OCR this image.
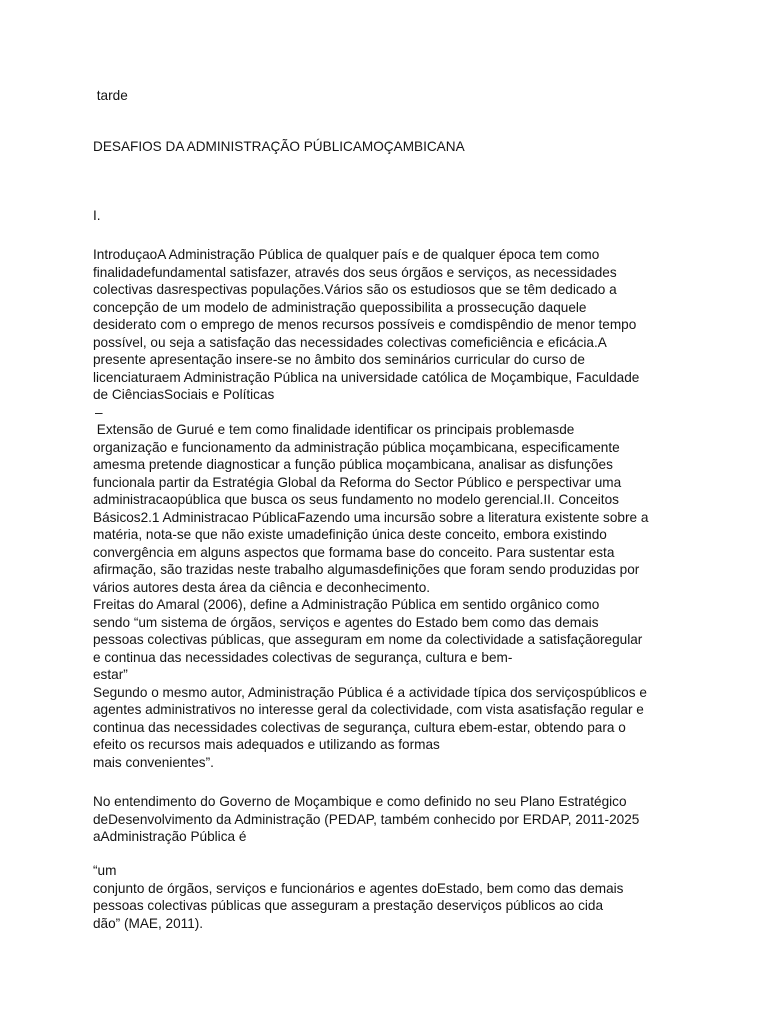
tarde
DESAFIOS DA ADMINISTRAÇÃO PÚBLICAMOÇAMBICANA
I.
IntroduçaoA Administração Pública de qualquer país e de qualquer época tem como
finalidadefundamental satisfazer, através dos seus órgãos e serviços, as necessidades
colectivas dasrespectivas populações.Vários são os estudiosos que se têm dedicado a
concepção de um modelo de administração quepossibilita a prossecução daquele
desiderato com o emprego de menos recursos possíveis e comdispêndio de menor tempo
possível, ou seja a satisfação das necessidades colectivas comeficiência e eficácia.A
presente apresentação insere-se no âmbito dos seminários curricular do curso de
licenciaturaem Administração Pública na universidade católica de Moçambique, Faculdade
de CiênciasSociais e Políticas
–
Extensão de Gurué e tem como finalidade identificar os principais problemasde
organização e funcionamento da administração pública moçambicana, especificamente
amesma pretende diagnosticar a função pública moçambicana, analisar as disfunções
funcionala partir da Estratégia Global da Reforma do Sector Público e perspectivar uma
administracaopública que busca os seus fundamento no modelo gerencial.II. Conceitos
Básicos2.1 Administracao PúblicaFazendo uma incursão sobre a literatura existente sobre a
matéria, nota-se que não existe umadefinição única deste conceito, embora existindo
convergência em alguns aspectos que formama base do conceito. Para sustentar esta
afirmação, são trazidas neste trabalho algumasdefinições que foram sendo produzidas por
vários autores desta área da ciência e deconhecimento.
Freitas do Amaral (2006), define a Administração Pública em sentido orgânico como
sendo “um sistema de órgãos, serviços e agentes do Estado bem como das demais
pessoas colectivas públicas, que asseguram em nome da colectividade a satisfaçãoregular
e continua das necessidades colectivas de segurança, cultura e bem-
estar”
Segundo o mesmo autor, Administração Pública é a actividade típica dos serviçospúblicos e
agentes administrativos no interesse geral da colectividade, com vista asatisfação regular e
continua das necessidades colectivas de segurança, cultura ebem-estar, obtendo para o
efeito os recursos mais adequados e utilizando as formas
mais convenientes”.
No entendimento do Governo de Moçambique e como definido no seu Plano Estratégico
deDesenvolvimento da Administração (PEDAP, também conhecido por ERDAP, 2011-2025
aAdministração Pública é
“um
conjunto de órgãos, serviços e funcionários e agentes doEstado, bem como das demais
pessoas colectivas públicas que asseguram a prestação deserviços públicos ao cida
dão” (MAE, 2011).
